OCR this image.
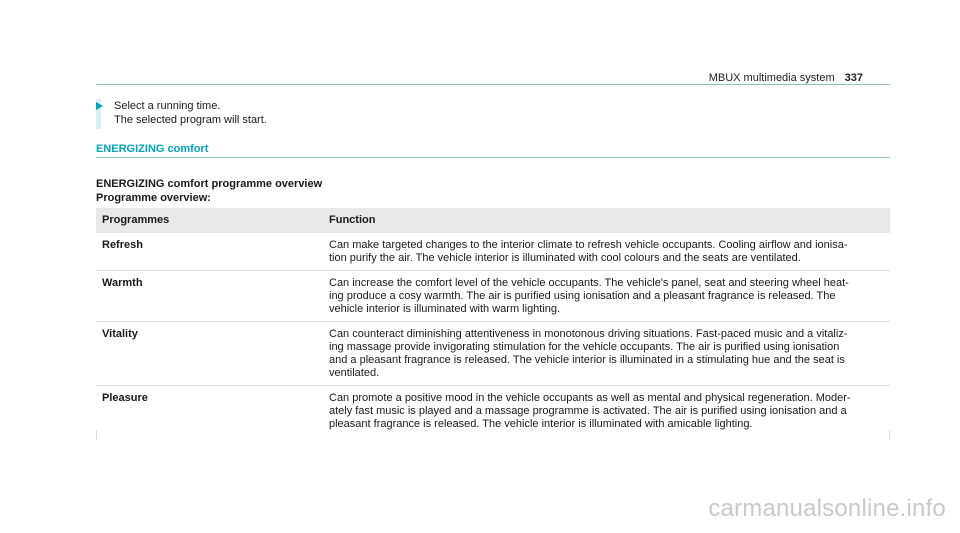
MBUX multimedia system 337
Select a running time.
The selected program will start.
ENERGIZING comfort
ENERGIZING comfort programme overview
Programme overview:
Programmes	Function
Refresh	Can make targeted changes to the interior climate to refresh vehicle occupants. Cooling airflow and ionisa-
tion purify the air. The vehicle interior is illuminated with cool colours and the seats are ventilated.

Warmth	Can increase the comfort level of the vehicle occupants. The vehicle's panel, seat and steering wheel heat-
ing produce a cosy warmth. The air is purified using ionisation and a pleasant fragrance is released. The
vehicle interior is illuminated with warm lighting.

Vitality	Can counteract diminishing attentiveness in monotonous driving situations. Fast-paced music and a vitaliz-
ing massage provide invigorating stimulation for the vehicle occupants. The air is purified using ionisation
and a pleasant fragrance is released. The vehicle interior is illuminated in a stimulating hue and the seat is
ventilated.

Pleasure	Can promote a positive mood in the vehicle occupants as well as mental and physical regeneration. Moder-
ately fast music is played and a massage programme is activated. The air is purified using ionisation and a
pleasant fragrance is released. The vehicle interior is illuminated with amicable lighting.
carmanualsonline.info
